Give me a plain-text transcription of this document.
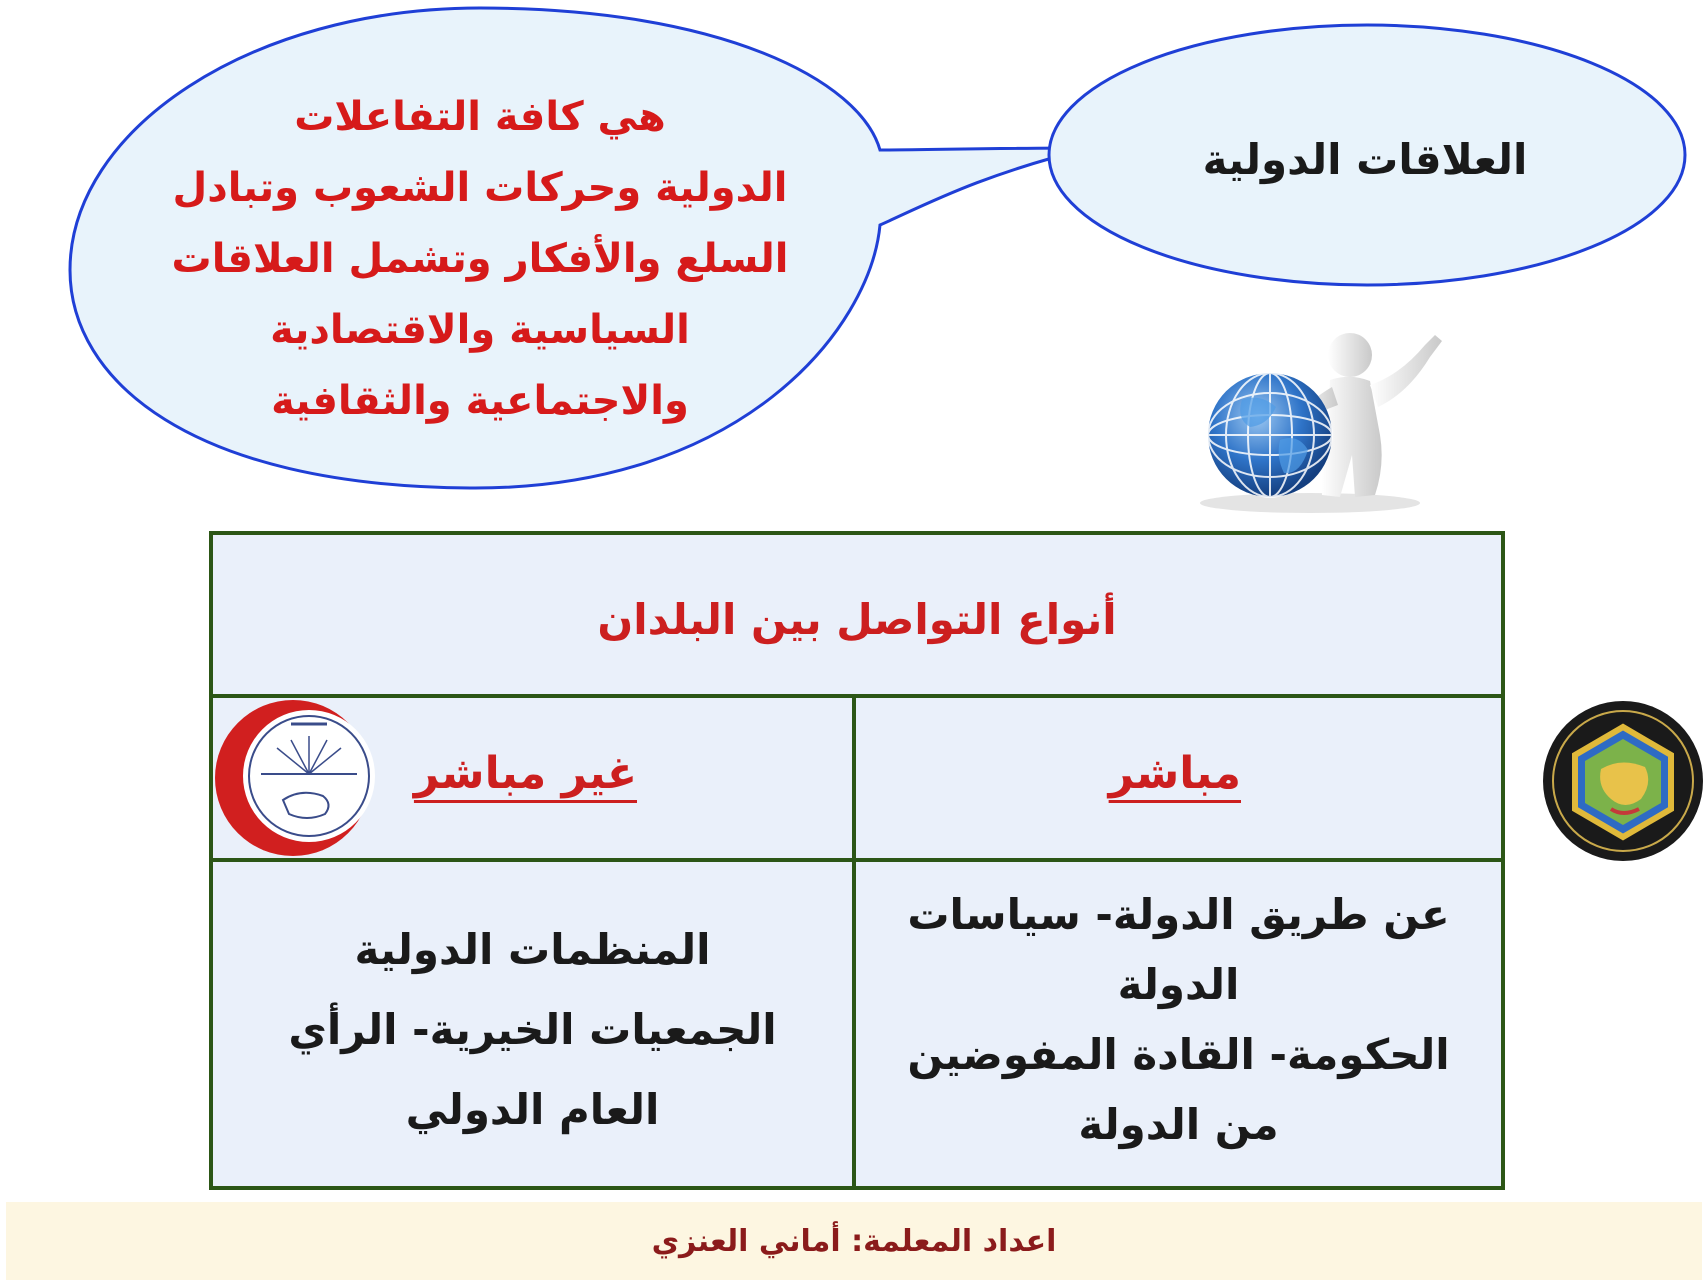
هي كافة التفاعلات
الدولية وحركات الشعوب وتبادل
السلع والأفكار وتشمل العلاقات
السياسية والاقتصادية
والاجتماعية والثقافية
العلاقات الدولية
أنواع التواصل بين البلدان
مباشر
غير مباشر
عن طريق الدولة- سياسات
الدولة
الحكومة- القادة المفوضين
من الدولة
المنظمات الدولية
الجمعيات الخيرية- الرأي
العام الدولي
اعداد المعلمة: أماني العنزي
